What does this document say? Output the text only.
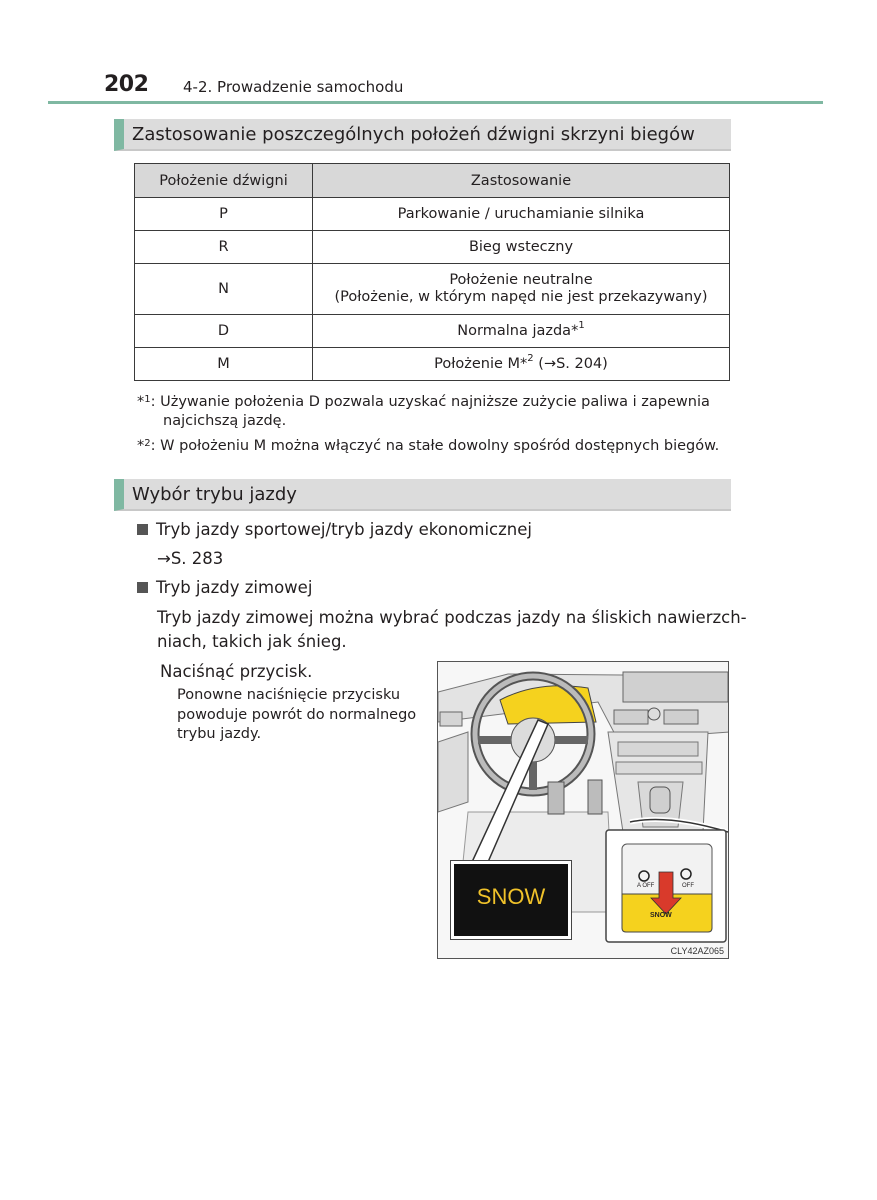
202 4-2. Prowadzenie samochodu
Zastosowanie poszczególnych położeń dźwigni skrzyni biegów
Położenie dźwigni	Zastosowanie
P	Parkowanie / uruchamianie silnika
R	Bieg wsteczny
N	Położenie neutralne
(Położenie, w którym napęd nie jest przekazywany)

D	Normalna jazda*$^1$
M	Położenie M*$^2$ (→S. 204)
*$^1$: Używanie położenia D pozwala uzyskać najniższe zużycie paliwa i zapewnia
najcichszą jazdę.
*$^2$: W położeniu M można włączyć na stałe dowolny spośród dostępnych biegów.
Wybór trybu jazdy
Tryb jazdy sportowej/tryb jazdy ekonomicznej
→S. 283
Tryb jazdy zimowej
Tryb jazdy zimowej można wybrać podczas jazdy na śliskich nawierzch-
niach, takich jak śnieg.
Naciśnąć przycisk.
Ponowne naciśnięcie przycisku
powoduje powrót do normalnego
trybu jazdy.
SNOW	A OFF	OFF
SNOW
CLY42AZ065
